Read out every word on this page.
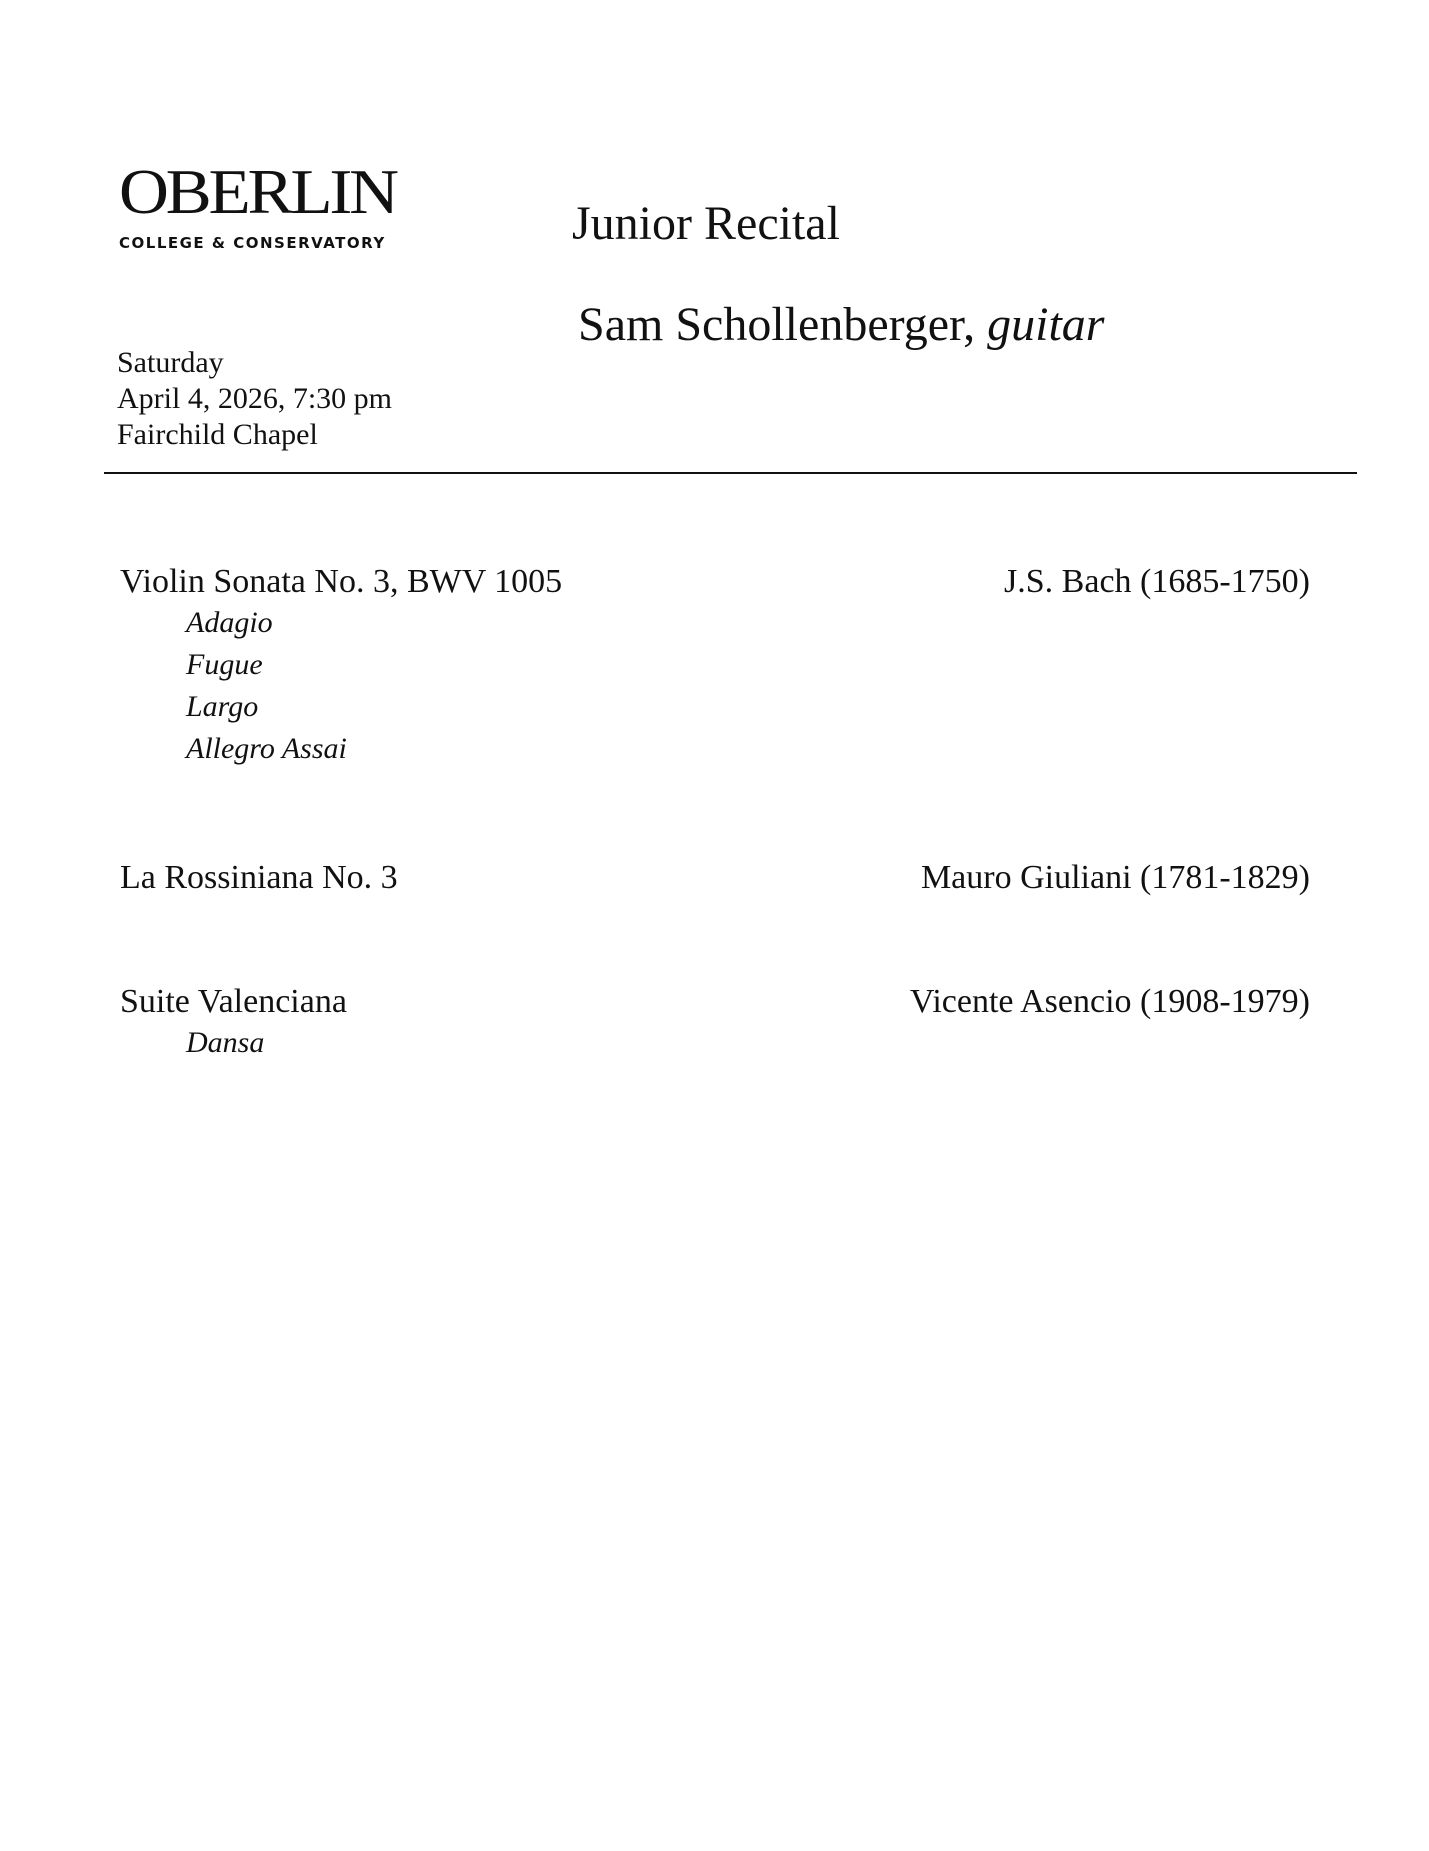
OBERLIN
COLLEGE & CONSERVATORY	Junior Recital
Sam Schollenberger, guitar
Saturday
April 4, 2026, 7:30 pm
Fairchild Chapel
Violin Sonata No. 3, BWV 1005	J.S. Bach (1685-1750)
Adagio
Fugue
Largo
Allegro Assai
La Rossiniana No. 3	Mauro Giuliani (1781-1829)
Suite Valenciana	Vicente Asencio (1908-1979)
Dansa
